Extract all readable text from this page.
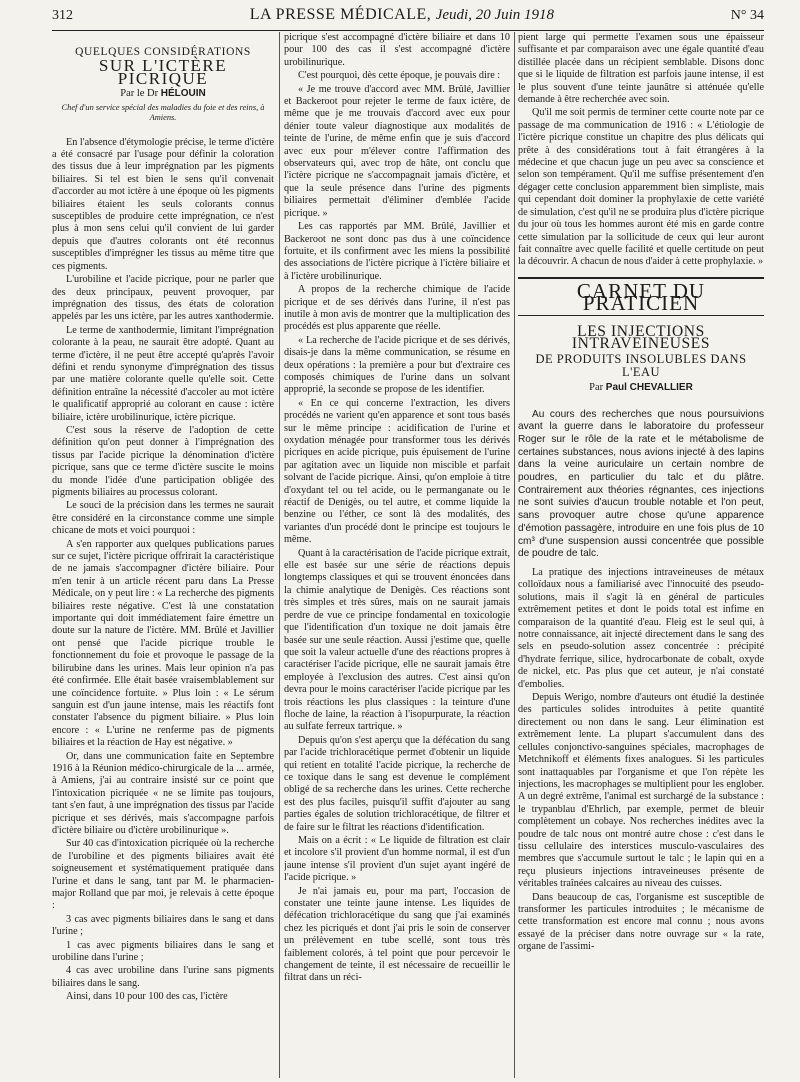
312	LA PRESSE MÉDICALE, Jeudi, 20 Juin 1918	N° 34
QUELQUES CONSIDÉRATIONS
SUR L'ICTÈRE PICRIQUE
Par le Dr HÉLOUIN
Chef d'un service spécial des maladies du foie et des reins, à Amiens.

En l'absence d'étymologie précise, le terme d'ictère a été consacré par l'usage pour définir la coloration des tissus due à leur imprégnation par les pigments biliaires. Si tel est bien le sens qu'il convenait d'accorder au mot ictère à une époque où les pigments biliaires étaient les seuls colorants connus susceptibles de produire cette imprégnation, ce n'est plus à mon sens celui qu'il convient de lui garder depuis que d'autres colorants ont été reconnus susceptibles d'imprégner les tissus au même titre que ces pigments.

L'urobiline et l'acide picrique, pour ne parler que des deux principaux, peuvent provoquer, par imprégnation des tissus, des états de coloration appelés par les uns ictère, par les autres xanthodermie.

Le terme de xanthodermie, limitant l'imprégnation colorante à la peau, ne saurait être adopté. Quant au terme d'ictère, il ne peut être accepté qu'après l'avoir défini et rendu synonyme d'imprégnation des tissus par une matière colorante quelle qu'elle soit. Cette définition entraîne la nécessité d'accoler au mot ictère le qualificatif approprié au colorant en cause : ictère biliaire, ictère urobilinurique, ictère picrique.

C'est sous la réserve de l'adoption de cette définition qu'on peut donner à l'imprégnation des tissus par l'acide picrique la dénomination d'ictère picrique, sans que ce terme d'ictère suscite le moins du monde l'idée d'une participation obligée des pigments biliaires au processus colorant.

Le souci de la précision dans les termes ne saurait être considéré en la circonstance comme une simple chicane de mots et voici pourquoi :

A s'en rapporter aux quelques publications parues sur ce sujet, l'ictère picrique offrirait la caractéristique de ne jamais s'accompagner d'ictère biliaire. Pour m'en tenir à un article récent paru dans La Presse Médicale, on y peut lire : « La recherche des pigments biliaires reste négative. C'est là une constatation importante qui doit immédiatement faire émettre un doute sur la nature de l'ictère. MM. Brûlé et Javillier ont pensé que l'acide picrique trouble le fonctionnement du foie et provoque le passage de la bilirubine dans les urines. Mais leur opinion n'a pas été confirmée. Elle était basée vraisemblablement sur une coïncidence fortuite. » Plus loin : « Le sérum sanguin est d'un jaune intense, mais les réactifs font constater l'absence du pigment biliaire. » Plus loin encore : « L'urine ne renferme pas de pigments biliaires et la réaction de Hay est négative. »

Or, dans une communication faite en Septembre 1916 à la Réunion médico-chirurgicale de la ... armée, à Amiens, j'ai au contraire insisté sur ce point que l'intoxication picriquée « ne se limite pas toujours, tant s'en faut, à une imprégnation des tissus par l'acide picrique et ses dérivés, mais s'accompagne parfois d'ictère biliaire ou d'ictère urobilinurique ».

Sur 40 cas d'intoxication picriquée où la recherche de l'urobiline et des pigments biliaires avait été soigneusement et systématiquement pratiquée dans l'urine et dans le sang, tant par M. le pharmacien-major Rolland que par moi, je relevais à cette époque :

3 cas avec pigments biliaires dans le sang et dans l'urine ;

1 cas avec pigments biliaires dans le sang et urobiline dans l'urine ;

4 cas avec urobiline dans l'urine sans pigments biliaires dans le sang.

Ainsi, dans 10 pour 100 des cas, l'ictère

picrique s'est accompagné d'ictère biliaire et dans 10 pour 100 des cas il s'est accompagné d'ictère urobilinurique.

C'est pourquoi, dès cette époque, je pouvais dire :

« Je me trouve d'accord avec MM. Brûlé, Javillier et Backeroot pour rejeter le terme de faux ictère, de même que je me trouvais d'accord avec eux pour dénier toute valeur diagnostique aux modalités de teinte de l'urine, de même enfin que je suis d'accord avec eux pour m'élever contre l'affirmation des observateurs qui, avec trop de hâte, ont conclu que l'ictère picrique ne s'accompagnait jamais d'ictère, et que la seule présence dans l'urine des pigments biliaires permettait d'éliminer d'emblée l'acide picrique. »

Les cas rapportés par MM. Brûlé, Javillier et Backeroot ne sont donc pas dus à une coïncidence fortuite, et ils confirment avec les miens la possibilité des associations de l'ictère picrique à l'ictère biliaire et à l'ictère urobilinurique.

A propos de la recherche chimique de l'acide picrique et de ses dérivés dans l'urine, il n'est pas inutile à mon avis de montrer que la multiplication des procédés est plus apparente que réelle.

« La recherche de l'acide picrique et de ses dérivés, disais-je dans la même communication, se résume en deux opérations : la première a pour but d'extraire ces composés chimiques de l'urine dans un solvant approprié, la seconde se propose de les identifier.

« En ce qui concerne l'extraction, les divers procédés ne varient qu'en apparence et sont tous basés sur le même principe : acidification de l'urine et oxydation ménagée pour transformer tous les dérivés picriques en acide picrique, puis épuisement de l'urine par agitation avec un liquide non miscible et parfait solvant de l'acide picrique. Ainsi, qu'on emploie à titre d'oxydant tel ou tel acide, ou le permanganate ou le réactif de Denigès, ou tel autre, et comme liquide la benzine ou l'éther, ce sont là des modalités, des variantes d'un procédé dont le principe est toujours le même.

Quant à la caractérisation de l'acide picrique extrait, elle est basée sur une série de réactions depuis longtemps classiques et qui se trouvent énoncées dans la chimie analytique de Denigès. Ces réactions sont très simples et très sûres, mais on ne saurait jamais perdre de vue ce principe fondamental en toxicologie que l'identification d'un toxique ne doit jamais être basée sur une seule réaction. Aussi j'estime que, quelle que soit la valeur actuelle d'une des réactions propres à caractériser l'acide picrique, elle ne saurait jamais être employée à l'exclusion des autres. C'est ainsi qu'on devra pour le moins caractériser l'acide picrique par les trois réactions les plus classiques : la teinture d'une floche de laine, la réaction à l'isopurpurate, la réaction au sulfate ferreux tartrique. »

Depuis qu'on s'est aperçu que la défécation du sang par l'acide trichloracétique permet d'obtenir un liquide qui retient en totalité l'acide picrique, la recherche de ce toxique dans le sang est devenue le complément obligé de sa recherche dans les urines. Cette recherche est des plus faciles, puisqu'il suffit d'ajouter au sang parties égales de solution trichloracétique, de filtrer et de faire sur le filtrat les réactions d'identification.

Mais on a écrit : « Le liquide de filtration est clair et incolore s'il provient d'un homme normal, il est d'un jaune intense s'il provient d'un sujet ayant ingéré de l'acide picrique. »

Je n'ai jamais eu, pour ma part, l'occasion de constater une teinte jaune intense. Les liquides de défécation trichloracétique du sang que j'ai examinés chez les picriqués et dont j'ai pris le soin de conserver un prélèvement en tube scellé, sont tous très faiblement colorés, à tel point que pour percevoir le changement de teinte, il est nécessaire de recueillir le filtrat dans un réci-

pient large qui permette l'examen sous une épaisseur suffisante et par comparaison avec une égale quantité d'eau distillée placée dans un récipient semblable. Disons donc que si le liquide de filtration est parfois jaune intense, il est le plus souvent d'une teinte jaunâtre si atténuée qu'elle demande à être recherchée avec soin.

Qu'il me soit permis de terminer cette courte note par ce passage de ma communication de 1916 : « L'étiologie de l'ictère picrique constitue un chapitre des plus délicats qui prête à des considérations tout à fait étrangères à la médecine et que chacun juge un peu avec sa conscience et selon son tempérament. Qu'il me suffise présentement d'en dégager cette conclusion apparemment bien simpliste, mais qui cependant doit dominer la prophylaxie de cette variété de simulation, c'est qu'il ne se produira plus d'ictère picrique du jour où tous les hommes auront été mis en garde contre cette simulation par la sollicitude de ceux qui leur auront fait connaître avec quelle facilité et quelle certitude on peut la découvrir. A chacun de nous d'aider à cette prophylaxie. »

CARNET DU PRATICIEN
LES INJECTIONS INTRAVEINEUSES
DE PRODUITS INSOLUBLES DANS L'EAU
Par Paul CHEVALLIER

Au cours des recherches que nous poursuivions avant la guerre dans le laboratoire du professeur Roger sur le rôle de la rate et le métabolisme de certaines substances, nous avions injecté à des lapins dans la veine auriculaire un certain nombre de poudres, en particulier du talc et du plâtre. Contrairement aux théories régnantes, ces injections ne sont suivies d'aucun trouble notable et l'on peut, sans provoquer autre chose qu'une apparence d'émotion passagère, introduire en une fois plus de 10 cm³ d'une suspension aussi concentrée que possible de poudre de talc.

La pratique des injections intraveineuses de métaux colloïdaux nous a familiarisé avec l'innocuité des pseudo-solutions, mais il s'agit là en général de particules extrêmement petites et dont le poids total est infime en comparaison de la quantité d'eau. Fleig est le seul qui, à notre connaissance, ait injecté directement dans le sang des sels en pseudo-solution assez concentrée : précipité d'hydrate ferrique, silice, hydrocarbonate de cobalt, oxyde de nickel, etc. Pas plus que cet auteur, je n'ai constaté d'embolies.

Depuis Werigo, nombre d'auteurs ont étudié la destinée des particules solides introduites à petite quantité directement ou non dans le sang. Leur élimination est extrêmement lente. La plupart s'accumulent dans des cellules conjonctivo-sanguines spéciales, macrophages de Metchnikoff et éléments fixes analogues. Si les particules sont inattaquables par l'organisme et que l'on répète les injections, les macrophages se multiplient pour les englober. A un degré extrême, l'animal est surchargé de la substance : le trypanblau d'Ehrlich, par exemple, permet de bleuir complètement un cobaye. Nos recherches inédites avec la poudre de talc nous ont montré autre chose : c'est dans le tissu cellulaire des interstices musculo-vasculaires des membres que s'accumule surtout le talc ; le lapin qui en a reçu plusieurs injections intraveineuses présente de véritables traînées calcaires au niveau des cuisses.

Dans beaucoup de cas, l'organisme est susceptible de transformer les particules introduites ; le mécanisme de cette transformation est encore mal connu ; nous avons essayé de la préciser dans notre ouvrage sur « la rate, organe de l'assimi-
